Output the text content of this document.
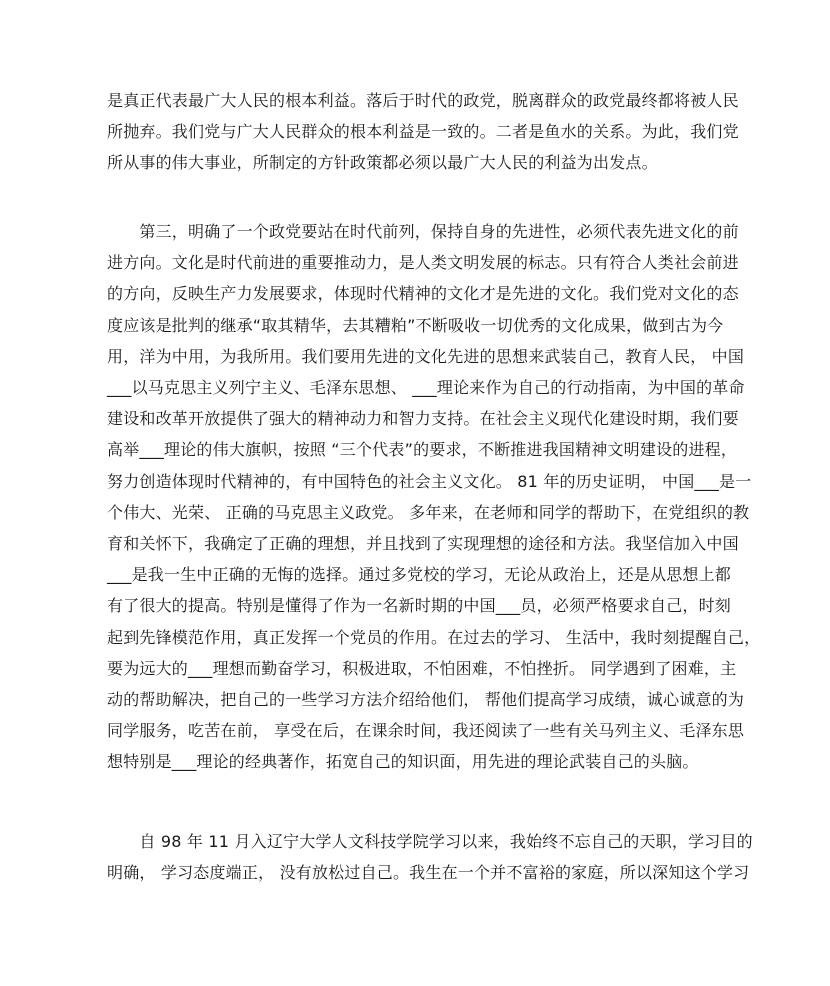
是真正代表最广大人民的根本利益。落后于时代的政党，脱离群众的政党最终都将被人民
所抛弃。我们党与广大人民群众的根本利益是一致的。二者是鱼水的关系。为此，我们党
所从事的伟大事业，所制定的方针政策都必须以最广大人民的利益为出发点。
　　第三，明确了一个政党要站在时代前列，保持自身的先进性，必须代表先进文化的前
进方向。文化是时代前进的重要推动力，是人类文明发展的标志。只有符合人类社会前进
的方向，反映生产力发展要求，体现时代精神的文化才是先进的文化。我们党对文化的态
度应该是批判的继承“取其精华，去其糟粕”不断吸收一切优秀的文化成果，做到古为今
用，洋为中用，为我所用。我们要用先进的文化先进的思想来武装自己，教育人民， 中国
___以马克思主义列宁主义、毛泽东思想、 ___理论来作为自己的行动指南，为中国的革命
建设和改革开放提供了强大的精神动力和智力支持。在社会主义现代化建设时期，我们要
高举___理论的伟大旗帜，按照 “三个代表”的要求，不断推进我国精神文明建设的进程，
努力创造体现时代精神的，有中国特色的社会主义文化。 81 年的历史证明， 中国___是一
个伟大、光荣、 正确的马克思主义政党。 多年来，在老师和同学的帮助下，在党组织的教
育和关怀下，我确定了正确的理想，并且找到了实现理想的途径和方法。我坚信加入中国
___是我一生中正确的无悔的选择。通过多党校的学习，无论从政治上，还是从思想上都
有了很大的提高。特别是懂得了作为一名新时期的中国___员，必须严格要求自己，时刻
起到先锋模范作用，真正发挥一个党员的作用。在过去的学习、 生活中，我时刻提醒自己，
要为远大的___理想而勤奋学习，积极进取，不怕困难，不怕挫折。 同学遇到了困难，主
动的帮助解决，把自己的一些学习方法介绍给他们， 帮他们提高学习成绩，诚心诚意的为
同学服务，吃苦在前， 享受在后，在课余时间，我还阅读了一些有关马列主义、毛泽东思
想特别是___理论的经典著作，拓宽自己的知识面，用先进的理论武装自己的头脑。
　　自 98 年 11 月入辽宁大学人文科技学院学习以来，我始终不忘自己的天职，学习目的
明确， 学习态度端正， 没有放松过自己。我生在一个并不富裕的家庭，所以深知这个学习
